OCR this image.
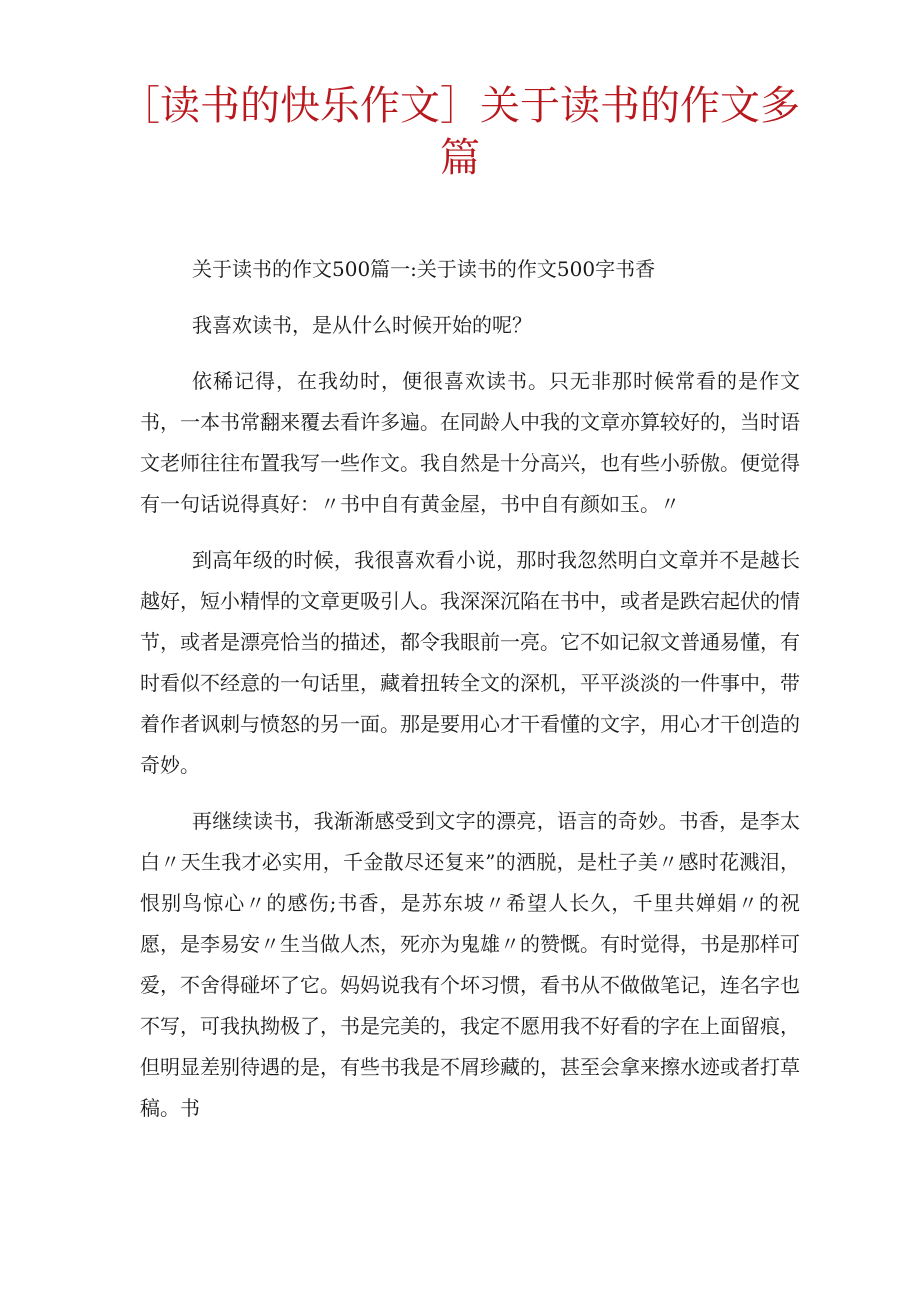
［读书的快乐作文］关于读书的作文多篇

关于读书的作文500篇一:关于读书的作文500字书香

我喜欢读书，是从什么时候开始的呢？

依稀记得，在我幼时，便很喜欢读书。只无非那时候常看的是作文书，一本书常翻来覆去看许多遍。在同龄人中我的文章亦算较好的，当时语文老师往往布置我写一些作文。我自然是十分高兴，也有些小骄傲。便觉得有一句话说得真好：〃书中自有黄金屋，书中自有颜如玉。〃

到高年级的时候，我很喜欢看小说，那时我忽然明白文章并不是越长越好，短小精悍的文章更吸引人。我深深沉陷在书中，或者是跌宕起伏的情节，或者是漂亮恰当的描述，都令我眼前一亮。它不如记叙文普通易懂，有时看似不经意的一句话里，藏着扭转全文的深机，平平淡淡的一件事中，带着作者讽刺与愤怒的另一面。那是要用心才干看懂的文字，用心才干创造的奇妙。

再继续读书，我渐渐感受到文字的漂亮，语言的奇妙。书香，是李太白〃天生我才必实用，千金散尽还复来”的洒脱，是杜子美〃感时花溅泪，恨别鸟惊心〃的感伤;书香，是苏东坡〃希望人长久，千里共婵娟〃的祝愿，是李易安〃生当做人杰，死亦为鬼雄〃的赞慨。有时觉得，书是那样可爱，不舍得碰坏了它。妈妈说我有个坏习惯，看书从不做做笔记，连名字也不写，可我执拗极了，书是完美的，我定不愿用我不好看的字在上面留痕，但明显差别待遇的是，有些书我是不屑珍藏的，甚至会拿来擦水迹或者打草稿。书
